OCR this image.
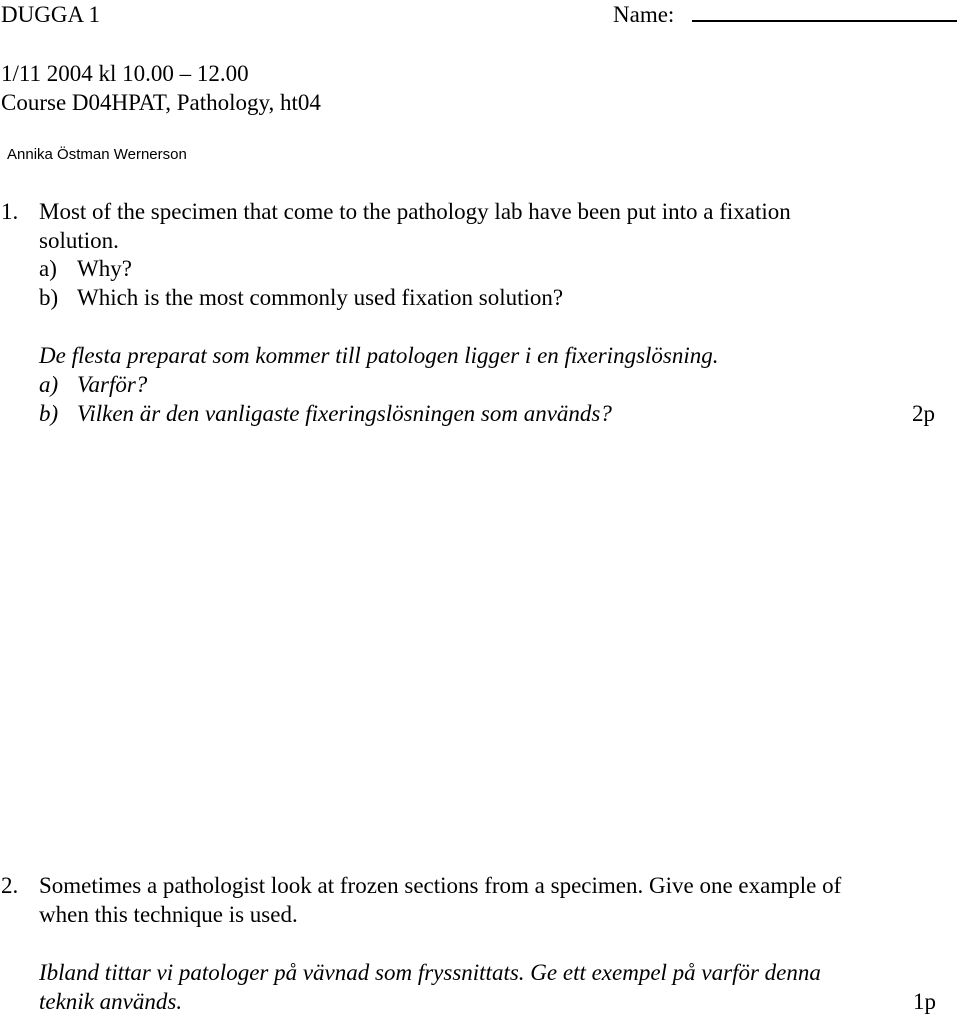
DUGGA 1	Name:
1/11 2004 kl 10.00 – 12.00
Course D04HPAT, Pathology, ht04
Annika Östman Wernerson
1. Most of the specimen that come to the pathology lab have been put into a fixation
solution.
a) Why?
b) Which is the most commonly used fixation solution?
De flesta preparat som kommer till patologen ligger i en fixeringslösning.
a) Varför?
b) Vilken är den vanligaste fixeringslösningen som används?	2p
2. Sometimes a pathologist look at frozen sections from a specimen. Give one example of
when this technique is used.
Ibland tittar vi patologer på vävnad som fryssnittats. Ge ett exempel på varför denna
teknik används.	1p
